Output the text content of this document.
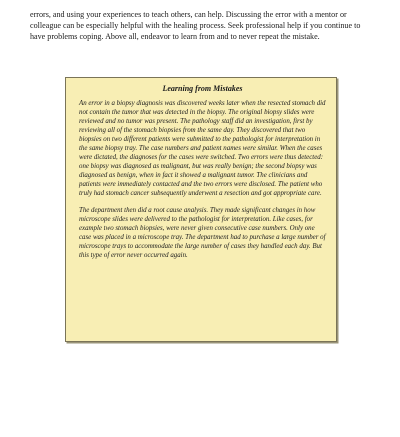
errors, and using your experiences to teach others, can help. Discussing the error with a mentor or colleague can be especially helpful with the healing process. Seek professional help if you continue to have problems coping. Above all, endeavor to learn from and to never repeat the mistake.

Learning from Mistakes

An error in a biopsy diagnosis was discovered weeks later when the resected stomach did not contain the tumor that was detected in the biopsy. The original biopsy slides were reviewed and no tumor was present. The pathology staff did an investigation, first by reviewing all of the stomach biopsies from the same day. They discovered that two biopsies on two different patients were submitted to the pathologist for interpretation in the same biopsy tray. The case numbers and patient names were similar. When the cases were dictated, the diagnoses for the cases were switched. Two errors were thus detected: one biopsy was diagnosed as malignant, but was really benign; the second biopsy was diagnosed as benign, when in fact it showed a malignant tumor. The clinicians and patients were immediately contacted and the two errors were disclosed. The patient who truly had stomach cancer subsequently underwent a resection and got appropriate care.

The department then did a root cause analysis. They made significant changes in how microscope slides were delivered to the pathologist for interpretation. Like cases, for example two stomach biopsies, were never given consecutive case numbers. Only one case was placed in a microscope tray. The department had to purchase a large number of microscope trays to accommodate the large number of cases they handled each day. But this type of error never occurred again.
